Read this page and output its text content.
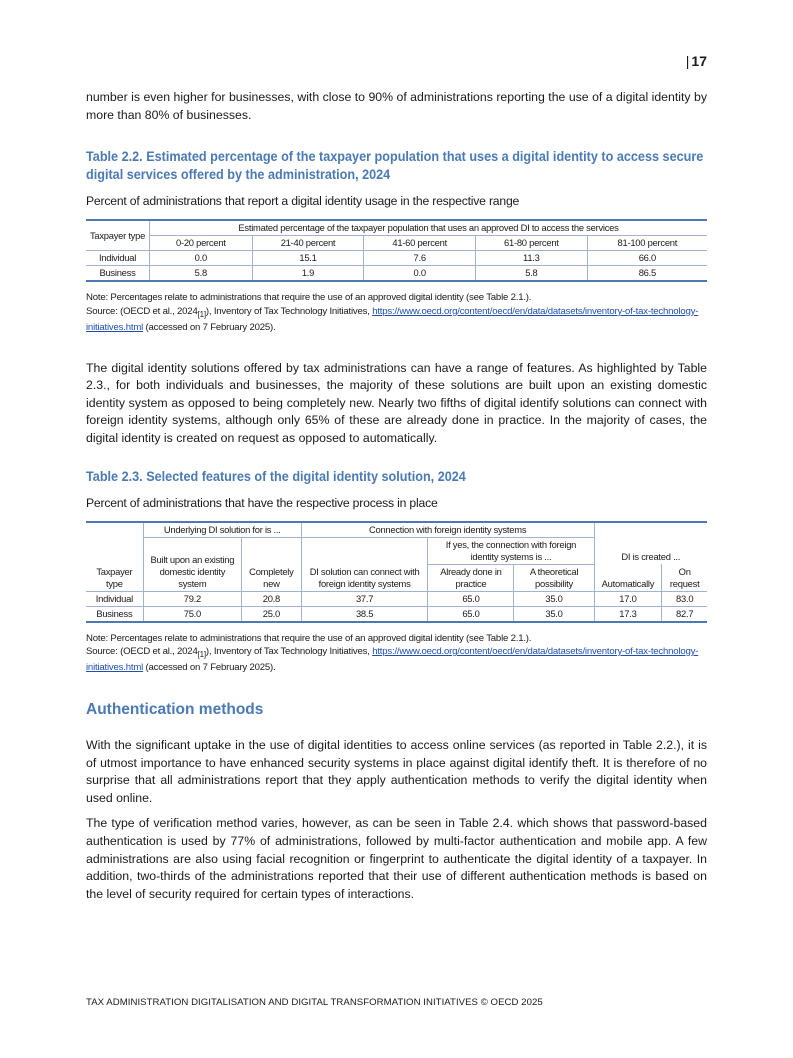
| 17

number is even higher for businesses, with close to 90% of administrations reporting the use of a digital identity by more than 80% of businesses.

Table 2.2. Estimated percentage of the taxpayer population that uses a digital identity to access secure digital services offered by the administration, 2024
Percent of administrations that report a digital identity usage in the respective range
Taxpayer type	Estimated percentage of the taxpayer population that uses an approved DI to access the services				
	0-20 percent	21-40 percent	41-60 percent	61-80 percent	81-100 percent
Individual	0.0	15.1	7.6	11.3	66.0
Business	5.8	1.9	0.0	5.8	86.5
Note: Percentages relate to administrations that require the use of an approved digital identity (see Table 2.1.).
Source: (OECD et al., $2024_{[1]}$), Inventory of Tax Technology Initiatives, https://www.oecd.org/content/oecd/en/data/datasets/inventory-of-tax-technology-initiatives.html (accessed on 7 February 2025).

The digital identity solutions offered by tax administrations can have a range of features. As highlighted by Table 2.3., for both individuals and businesses, the majority of these solutions are built upon an existing domestic identity system as opposed to being completely new. Nearly two fifths of digital identify solutions can connect with foreign identity systems, although only 65% of these are already done in practice. In the majority of cases, the digital identity is created on request as opposed to automatically.

Table 2.3. Selected features of the digital identity solution, 2024
Percent of administrations that have the respective process in place
Taxpayer type	Underlying DI solution for is ...		Connection with foreign identity systems			DI is created ...	
	Built upon an existing domestic identity system	Completely new	DI solution can connect with foreign identity systems	If yes, the connection with foreign identity systems is ...			
				Already done in practice	A theoretical possibility	Automatically	On request
Individual	79.2	20.8	37.7	65.0	35.0	17.0	83.0
Business	75.0	25.0	38.5	65.0	35.0	17.3	82.7
Note: Percentages relate to administrations that require the use of an approved digital identity (see Table 2.1.).
Source: (OECD et al., $2024_{[1]}$), Inventory of Tax Technology Initiatives, https://www.oecd.org/content/oecd/en/data/datasets/inventory-of-tax-technology-initiatives.html (accessed on 7 February 2025).
Authentication methods

With the significant uptake in the use of digital identities to access online services (as reported in Table 2.2.), it is of utmost importance to have enhanced security systems in place against digital identify theft. It is therefore of no surprise that all administrations report that they apply authentication methods to verify the digital identity when used online.

The type of verification method varies, however, as can be seen in Table 2.4. which shows that password-based authentication is used by 77% of administrations, followed by multi-factor authentication and mobile app. A few administrations are also using facial recognition or fingerprint to authenticate the digital identity of a taxpayer. In addition, two-thirds of the administrations reported that their use of different authentication methods is based on the level of security required for certain types of interactions.

TAX ADMINISTRATION DIGITALISATION AND DIGITAL TRANSFORMATION INITIATIVES © OECD 2025
